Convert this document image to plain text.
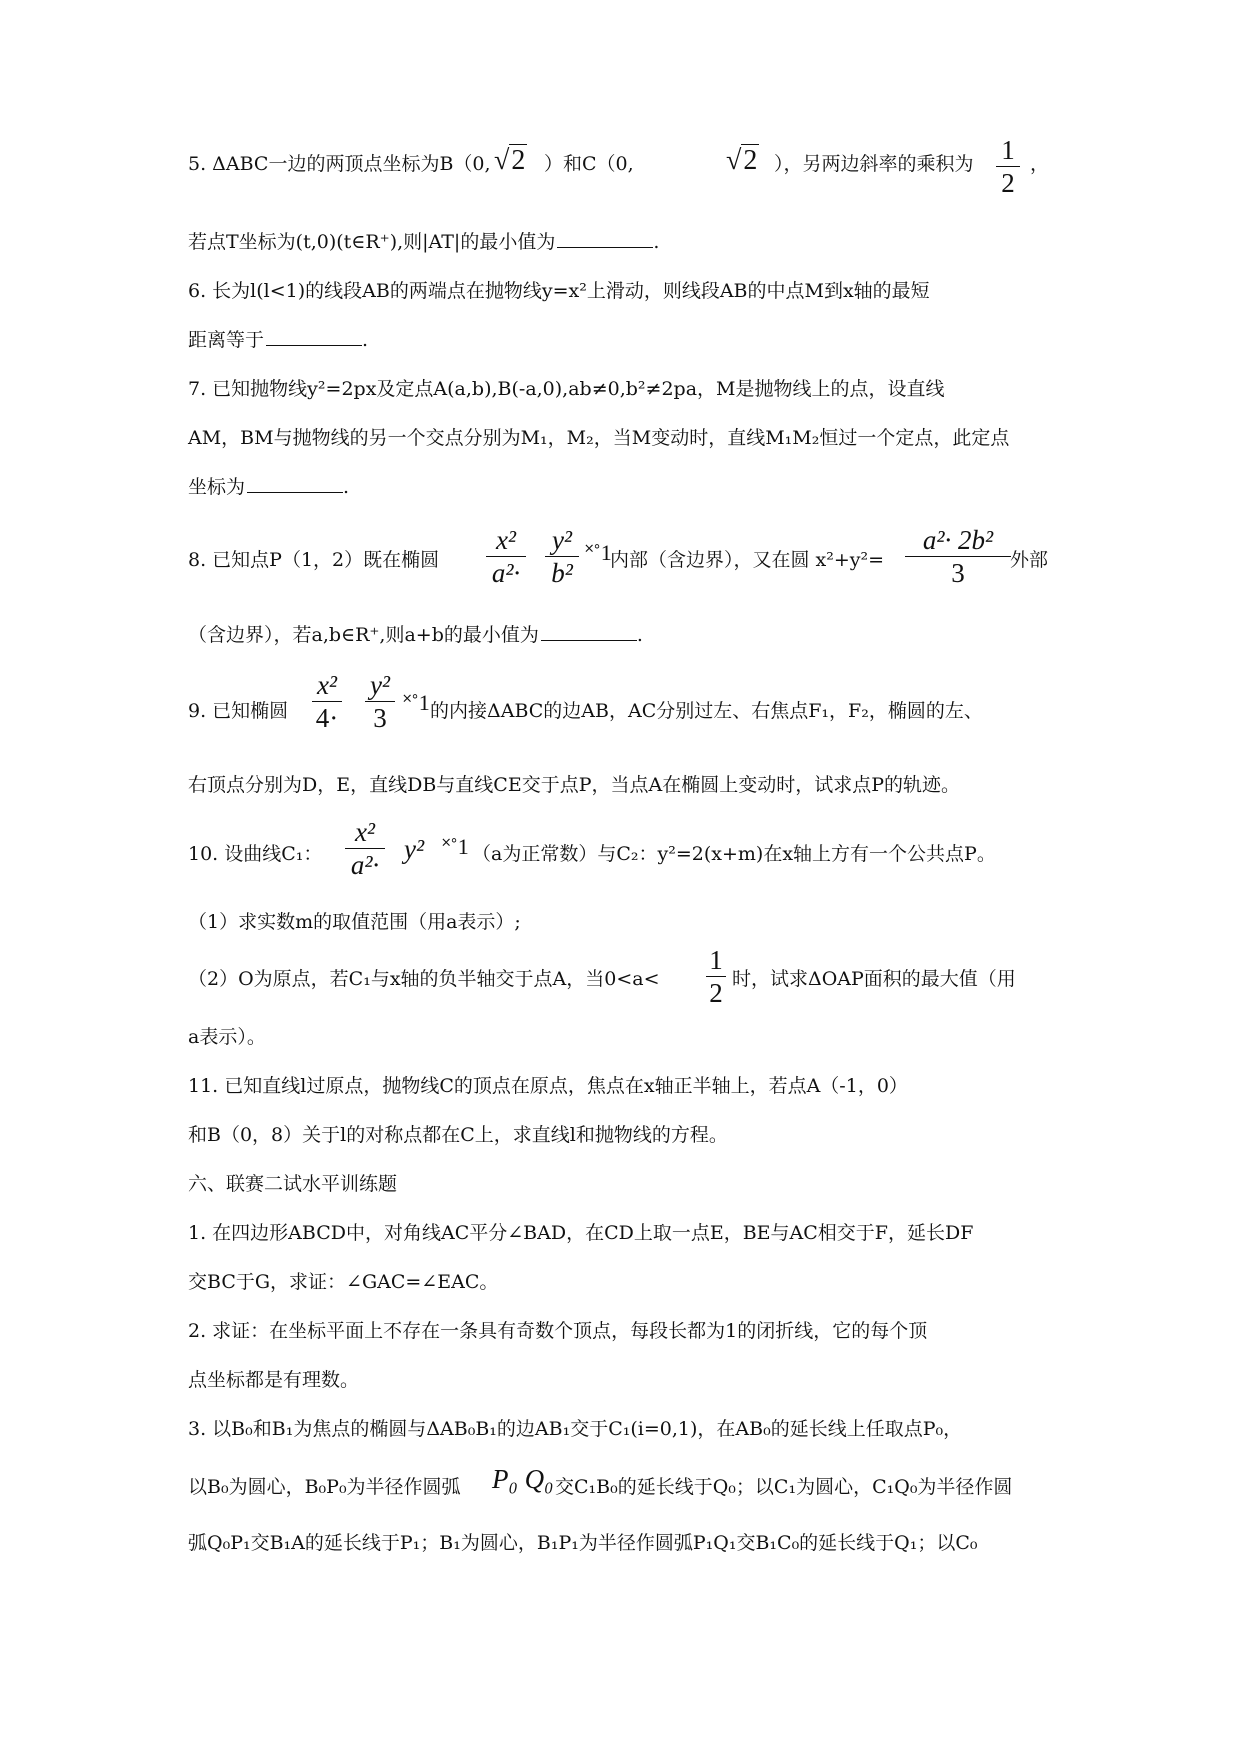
5. ΔABC一边的两顶点坐标为B（0, √2 ）和C（0,	√2 ），另两边斜率的乘积为 1
2
，
若点T坐标为(t,0)(t∈R⁺),则|AT|的最小值为	.
6. 长为l(l<1)的线段AB的两端点在抛物线y=x²上滑动，则线段AB的中点M到x轴的最短
距离等于	.
7. 已知抛物线y²=2px及定点A(a,b),B(-a,0),ab≠0,b²≠2pa，M是抛物线上的点，设直线
AM，BM与抛物线的另一个交点分别为M₁，M₂，当M变动时，直线M₁M₂恒过一个定点，此定点
坐标为	.
8. 已知点P（1，2）既在椭圆
x²
a²·
y²
b²
˟˚1
内部（含边界），又在圆 x²+y²=
a²· 2b²
3	外部
（含边界），若a,b∈R⁺,则a+b的最小值为	.
9. 已知椭圆
x²
4·
y²
3
˟˚1 的内接ΔABC的边AB，AC分别过左、右焦点F₁，F₂，椭圆的左、
右顶点分别为D，E，直线DB与直线CE交于点P，当点A在椭圆上变动时，试求点P的轨迹。
10. 设曲线C₁：
x²
a²·
y² ˟˚1 （a为正常数）与C₂：y²=2(x+m)在x轴上方有一个公共点P。
（1）求实数m的取值范围（用a表示）;
（2）O为原点，若C₁与x轴的负半轴交于点A，当0<a<
1
2 时，试求ΔOAP面积的最大值（用
a表示）。
11. 已知直线l过原点，抛物线C的顶点在原点，焦点在x轴正半轴上，若点A（-1，0）
和B（0，8）关于l的对称点都在C上，求直线l和抛物线的方程。
六、联赛二试水平训练题
1. 在四边形ABCD中，对角线AC平分∠BAD，在CD上取一点E，BE与AC相交于F，延长DF
交BC于G，求证：∠GAC=∠EAC。
2. 求证：在坐标平面上不存在一条具有奇数个顶点，每段长都为1的闭折线，它的每个顶
点坐标都是有理数。
3. 以B₀和B₁为焦点的椭圆与ΔAB₀B₁的边AB₁交于C₁(i=0,1)，在AB₀的延长线上任取点P₀，
以B₀为圆心，B₀P₀为半径作圆弧 P₀ Q₀ 交C₁B₀的延长线于Q₀；以C₁为圆心，C₁Q₀为半径作圆
弧Q₀P₁交B₁A的延长线于P₁；B₁为圆心，B₁P₁为半径作圆弧P₁Q₁交B₁C₀的延长线于Q₁；以C₀
